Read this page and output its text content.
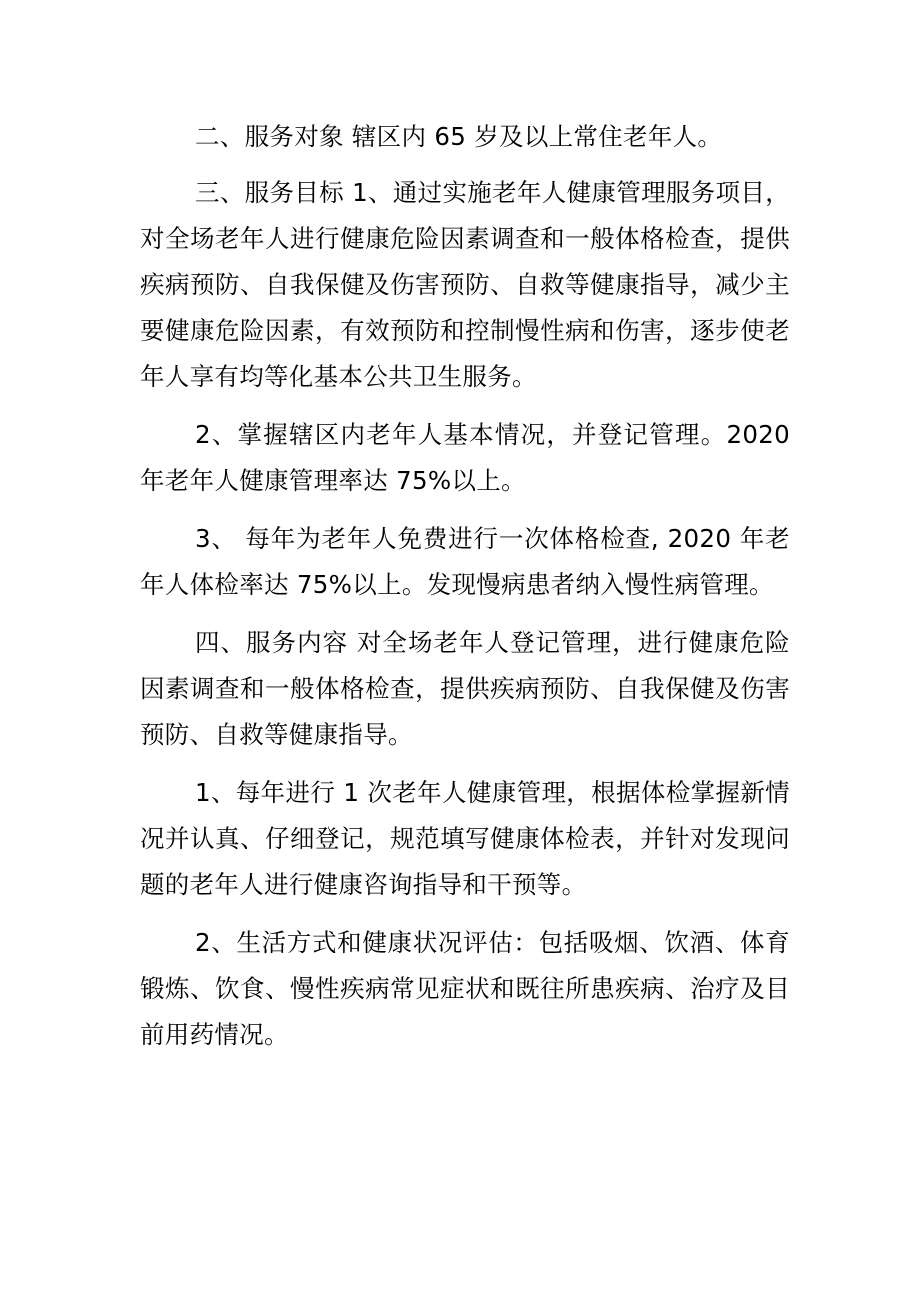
二、服务对象 辖区内 65 岁及以上常住老年人。

三、服务目标 1、通过实施老年人健康管理服务项目，对全场老年人进行健康危险因素调查和一般体格检查，提供疾病预防、自我保健及伤害预防、自救等健康指导，减少主要健康危险因素，有效预防和控制慢性病和伤害，逐步使老年人享有均等化基本公共卫生服务。

2、掌握辖区内老年人基本情况，并登记管理。2020 年老年人健康管理率达 75%以上。

3、 每年为老年人免费进行一次体格检查, 2020 年老年人体检率达 75%以上。发现慢病患者纳入慢性病管理。

四、服务内容 对全场老年人登记管理，进行健康危险因素调查和一般体格检查，提供疾病预防、自我保健及伤害预防、自救等健康指导。

1、每年进行 1 次老年人健康管理，根据体检掌握新情况并认真、仔细登记，规范填写健康体检表，并针对发现问题的老年人进行健康咨询指导和干预等。

2、生活方式和健康状况评估：包括吸烟、饮酒、体育锻炼、饮食、慢性疾病常见症状和既往所患疾病、治疗及目前用药情况。
